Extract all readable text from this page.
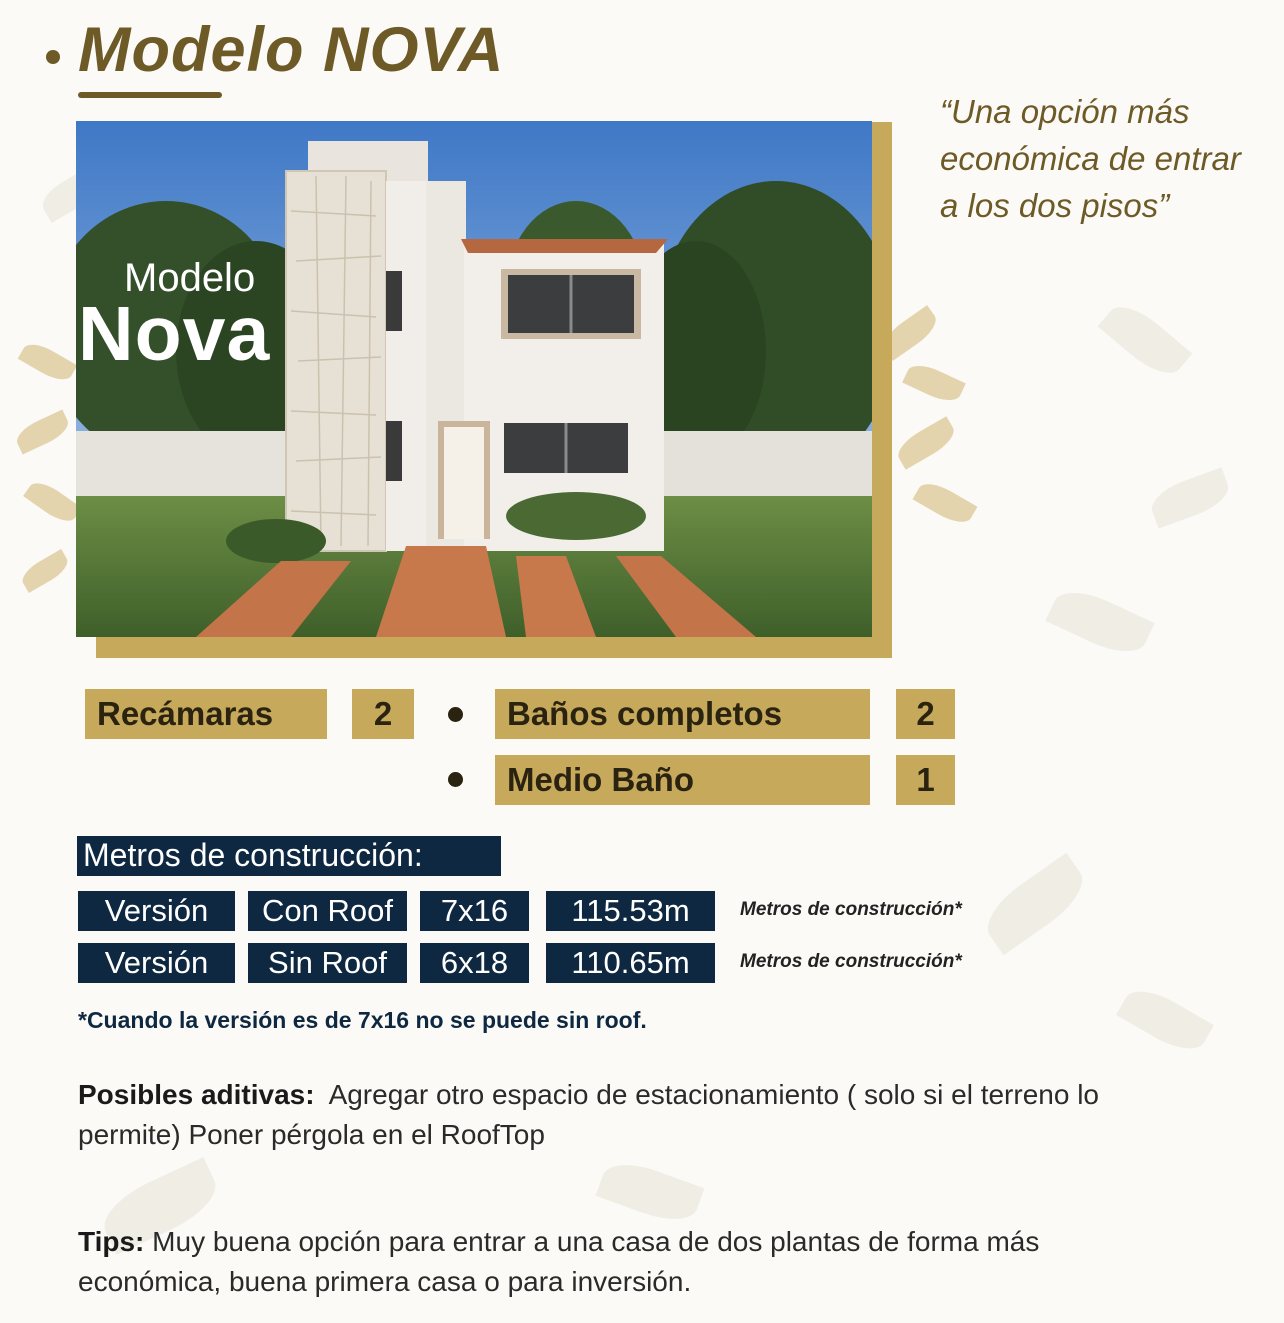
Modelo NOVA
“Una opción más económica de entrar a los dos pisos”
Modelo
Nova
Recámaras	2	Baños completos	2
Medio Baño	1
Metros de construcción:
Versión	Con Roof	7x16	115.53m	Metros de construcción*
Versión	Sin Roof	6x18	110.65m	Metros de construcción*
*Cuando la versión es de 7x16 no se puede sin roof.
Posibles aditivas: Agregar otro espacio de estacionamiento ( solo si el terreno lo permite) Poner pérgola en el RoofTop
Tips: Muy buena opción para entrar a una casa de dos plantas de forma más económica, buena primera casa o para inversión.
